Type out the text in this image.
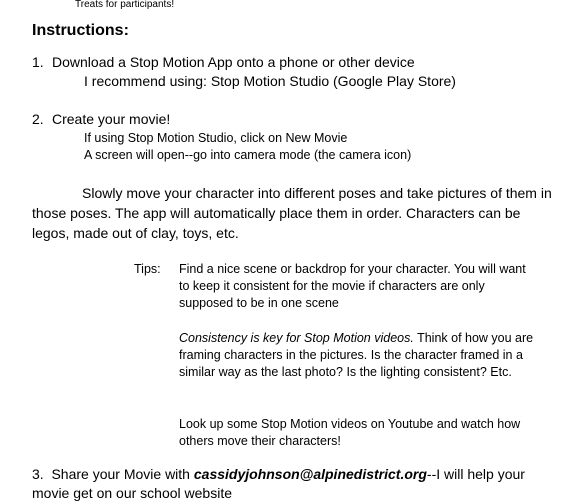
Treats for participants!
Instructions:
1. Download a Stop Motion App onto a phone or other device
I recommend using: Stop Motion Studio (Google Play Store)
2. Create your movie!
If using Stop Motion Studio, click on New Movie
A screen will open--go into camera mode (the camera icon)
Slowly move your character into different poses and take pictures of them in those poses. The app will automatically place them in order. Characters can be legos, made out of clay, toys, etc.
Tips: Find a nice scene or backdrop for your character. You will want to keep it consistent for the movie if characters are only supposed to be in one scene
Consistency is key for Stop Motion videos. Think of how you are framing characters in the pictures. Is the character framed in a similar way as the last photo? Is the lighting consistent? Etc.
Look up some Stop Motion videos on Youtube and watch how others move their characters!
3. Share your Movie with cassidyjohnson@alpinedistrict.org--I will help your movie get on our school website
